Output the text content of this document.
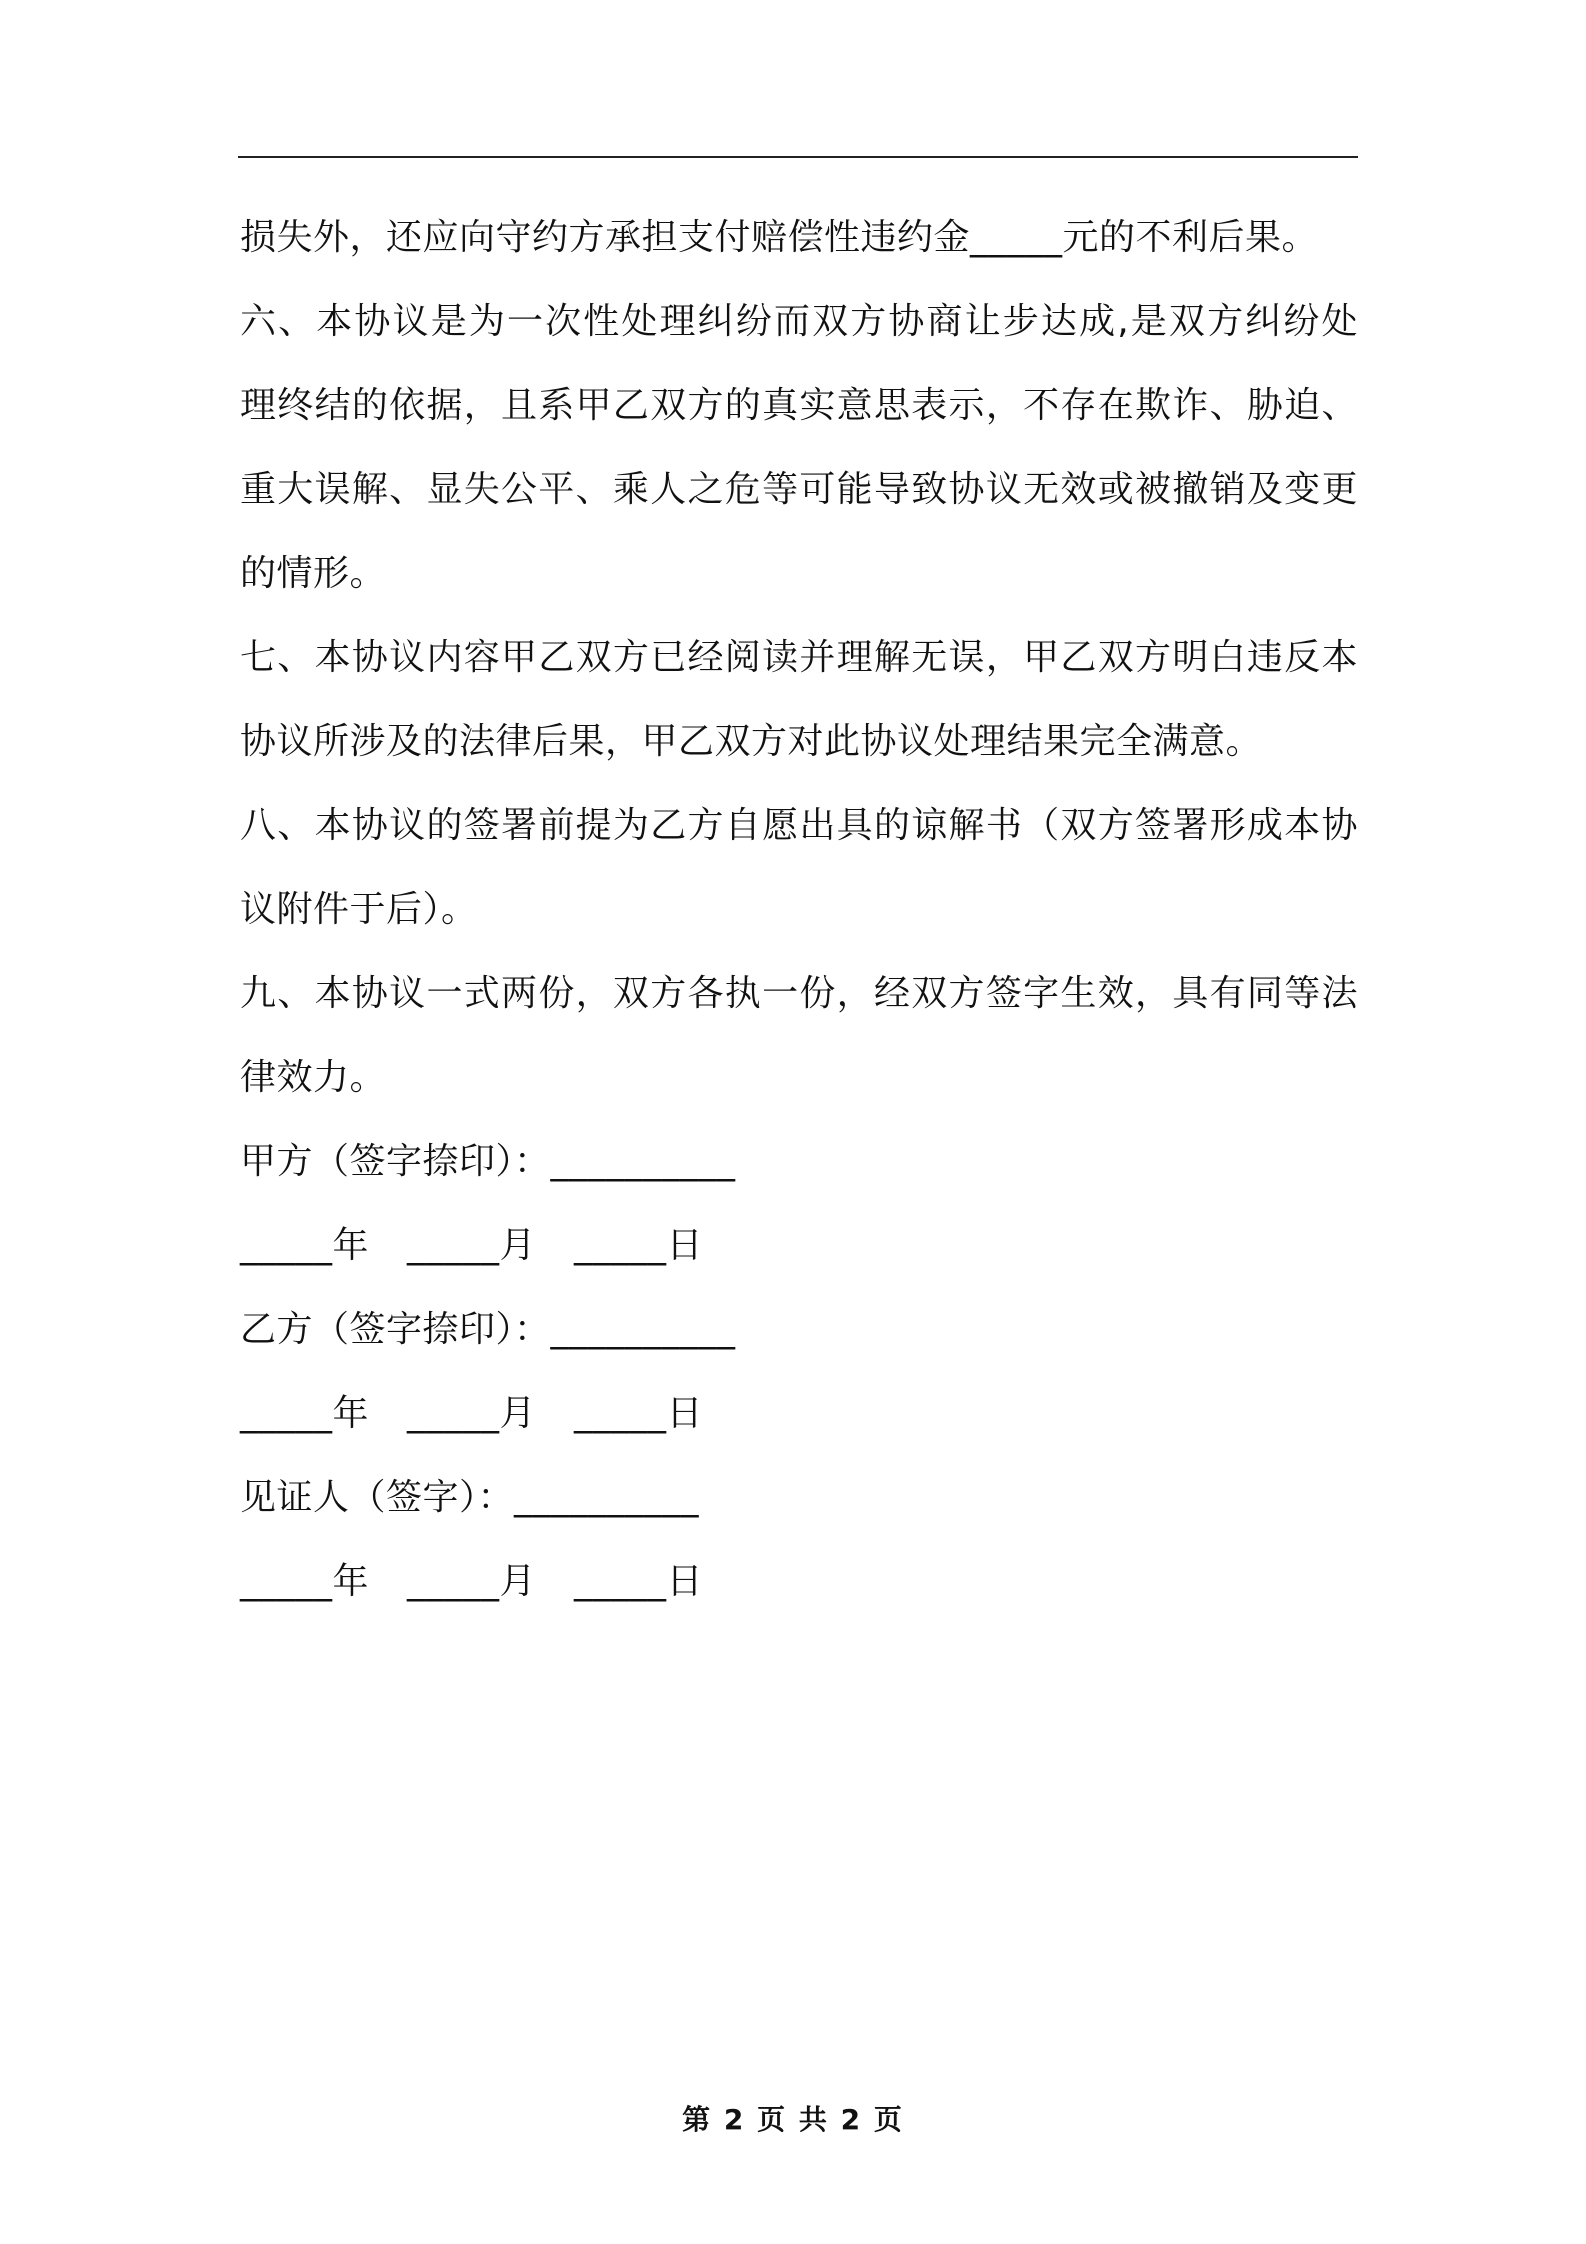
损失外，还应向守约方承担支付赔偿性违约金_____元的不利后果。
六、本协议是为一次性处理纠纷而双方协商让步达成,是双方纠纷处
理终结的依据，且系甲乙双方的真实意思表示，不存在欺诈、胁迫、
重大误解、显失公平、乘人之危等可能导致协议无效或被撤销及变更
的情形。
七、本协议内容甲乙双方已经阅读并理解无误，甲乙双方明白违反本
协议所涉及的法律后果，甲乙双方对此协议处理结果完全满意。
八、本协议的签署前提为乙方自愿出具的谅解书（双方签署形成本协
议附件于后）。
九、本协议一式两份，双方各执一份，经双方签字生效，具有同等法
律效力。
甲方（签字捺印）：__________
_____年 _____月 _____日
乙方（签字捺印）：__________
_____年 _____月 _____日
见证人（签字）：__________
_____年 _____月 _____日
第 2 页 共 2 页
